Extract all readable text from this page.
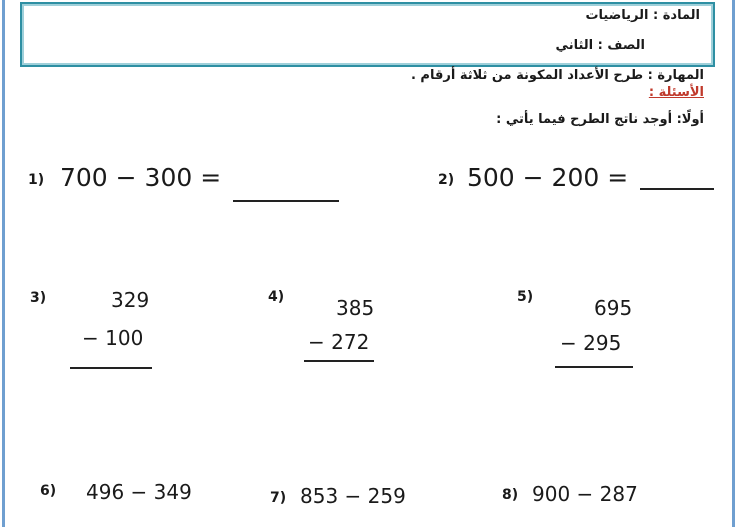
المادة : الرياضيات
الصف : الثاني
المهارة : طرح الأعداد المكونة من ثلاثة أرقام .
الأسئلة :
أولًا: أوجد ناتج الطرح فيما يأتي :
1) 700 − 300 =	2) 500 − 200 =
3)	329
− 100
4)	385
− 272
5)	695
− 295
6) 496 − 349	7) 853 − 259	8) 900 − 287
